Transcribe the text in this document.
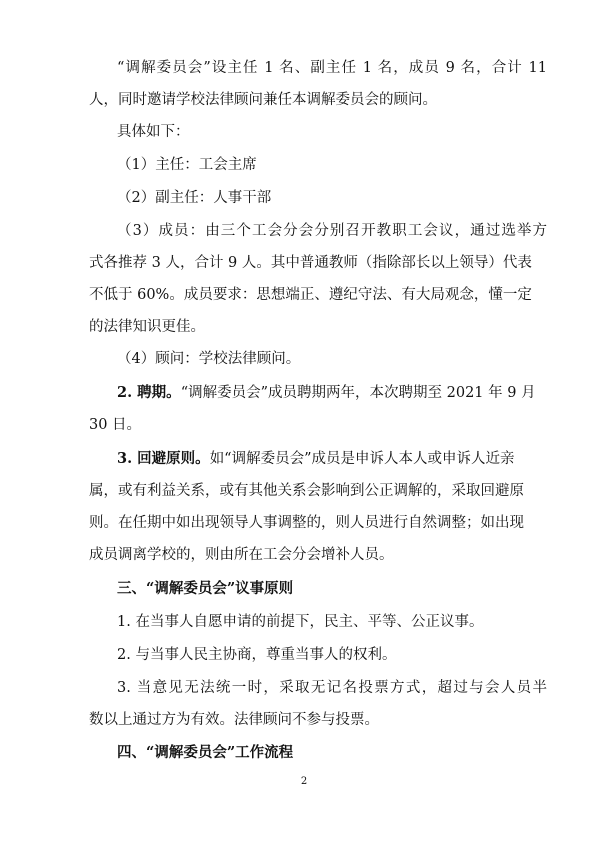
“调解委员会”设主任 1 名、副主任 1 名，成员 9 名，合计 11
人，同时邀请学校法律顾问兼任本调解委员会的顾问。
具体如下：
（1）主任：工会主席
（2）副主任：人事干部
（3）成员：由三个工会分会分别召开教职工会议，通过选举方
式各推荐 3 人，合计 9 人。其中普通教师（指除部长以上领导）代表
不低于 60%。成员要求：思想端正、遵纪守法、有大局观念，懂一定
的法律知识更佳。
（4）顾问：学校法律顾问。
2. 聘期。“调解委员会”成员聘期两年，本次聘期至 2021 年 9 月
30 日。
3. 回避原则。如“调解委员会”成员是申诉人本人或申诉人近亲
属，或有利益关系，或有其他关系会影响到公正调解的，采取回避原
则。在任期中如出现领导人事调整的，则人员进行自然调整；如出现
成员调离学校的，则由所在工会分会增补人员。
三、“调解委员会”议事原则
1. 在当事人自愿申请的前提下，民主、平等、公正议事。
2. 与当事人民主协商，尊重当事人的权利。
3. 当意见无法统一时，采取无记名投票方式，超过与会人员半
数以上通过方为有效。法律顾问不参与投票。
四、“调解委员会”工作流程
2
